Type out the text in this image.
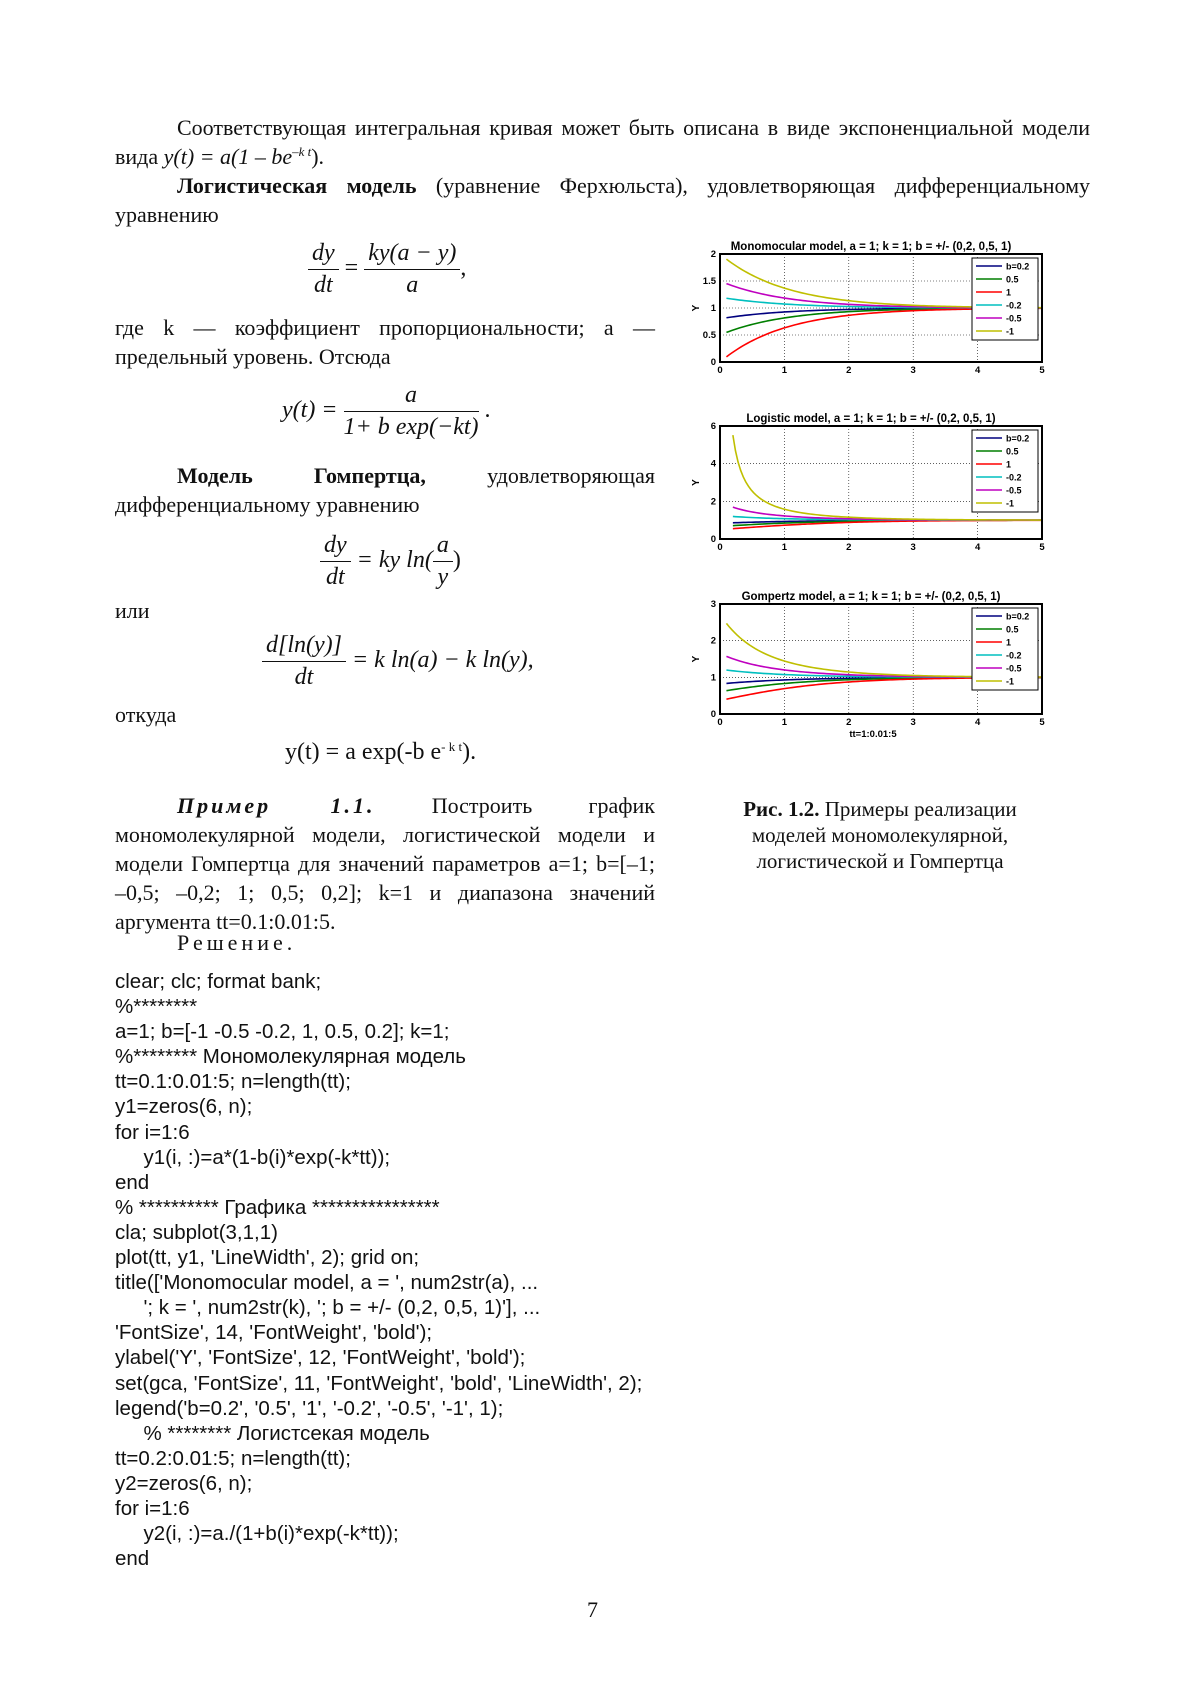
Соответствующая интегральная кривая может быть описана в виде экспоненциальной модели вида $y(t) = a(1 - be^{-k t})$.
Логистическая модель (уравнение Ферхюльста), удовлетворяющая дифференциальному уравнению
$\frac{dy}{dt} = \frac{ky(a - y)}{a}$ ,
где k — коэффициент пропорциональности; a — предельный уровень. Отсюда
$y(t) = \frac{a}{\text{1+ b exp(−kt)}}$ .
Модель Гомпертца,	удовлетворяющая дифференциальному уравнению
$\frac{dy}{dt}$ = ky $\ln( \frac{a}{y}$ )
или
$\frac{d[\ln(y)]}{dt} = k$ ln(a) − k ln(y),
откуда
y(t) = a exp(-b $e^{- k t}$).
Пример 1.1.	Построить график мономолекулярной модели, логистической модели и модели Гомпертца для значений параметров a=1; b=[–1; –0,5; –0,2; 1; 0,5; 0,2]; k=1 и диапазона значений аргумента tt=0.1:0.01:5.
Решение.
clear; clc; format bank;
%********
a=1; b=[-1 -0.5 -0.2, 1, 0.5, 0.2]; k=1;
%******** Мономолекулярная модель
tt=0.1:0.01:5; n=length(tt);
y1=zeros(6, n);
for i=1:6
y1(i, :)=a*(1-b(i)*exp(-k*tt));
end
% ********** Графика ****************
cla; subplot(3,1,1)
plot(tt, y1, 'LineWidth', 2); grid on;
title(['Monomocular model, a = ', num2str(a), ...
'; k = ', num2str(k), '; b = +/- (0,2, 0,5, 1)'], ...
'FontSize', 14, 'FontWeight', 'bold');
ylabel('Y', 'FontSize', 12, 'FontWeight', 'bold');
set(gca, 'FontSize', 11, 'FontWeight', 'bold', 'LineWidth', 2);
legend('b=0.2', '0.5', '1', '-0.2', '-0.5', '-1', 1);
% ******** Логистсекая модель
tt=0.2:0.01:5; n=length(tt);
y2=zeros(6, n);
for i=1:6
y2(i, :)=a./(1+b(i)*exp(-k*tt));
end
7
Monomocular model, a = 1; k = 1; b = +/- (0,2, 0,5, 1)
0	1	2	3	4	5
0
0.5
1
1.5
2
Y
b=0.2
0.5
1
-0.2
-0.5
-1
Logistic model, a = 1; k = 1; b = +/- (0,2, 0,5, 1)
0	1	2	3	4	5
0
2
4
6
Y
b=0.2
0.5
1
-0.2
-0.5
-1
Gompertz model, a = 1; k = 1; b = +/- (0,2, 0,5, 1)
0	1	2	3	4	5
0
1
2
3
Y
tt=1:0.01:5
b=0.2
0.5
1
-0.2
-0.5
-1
Рис. 1.2. Примеры реализации моделей мономолекулярной, логистической и Гомпертца
